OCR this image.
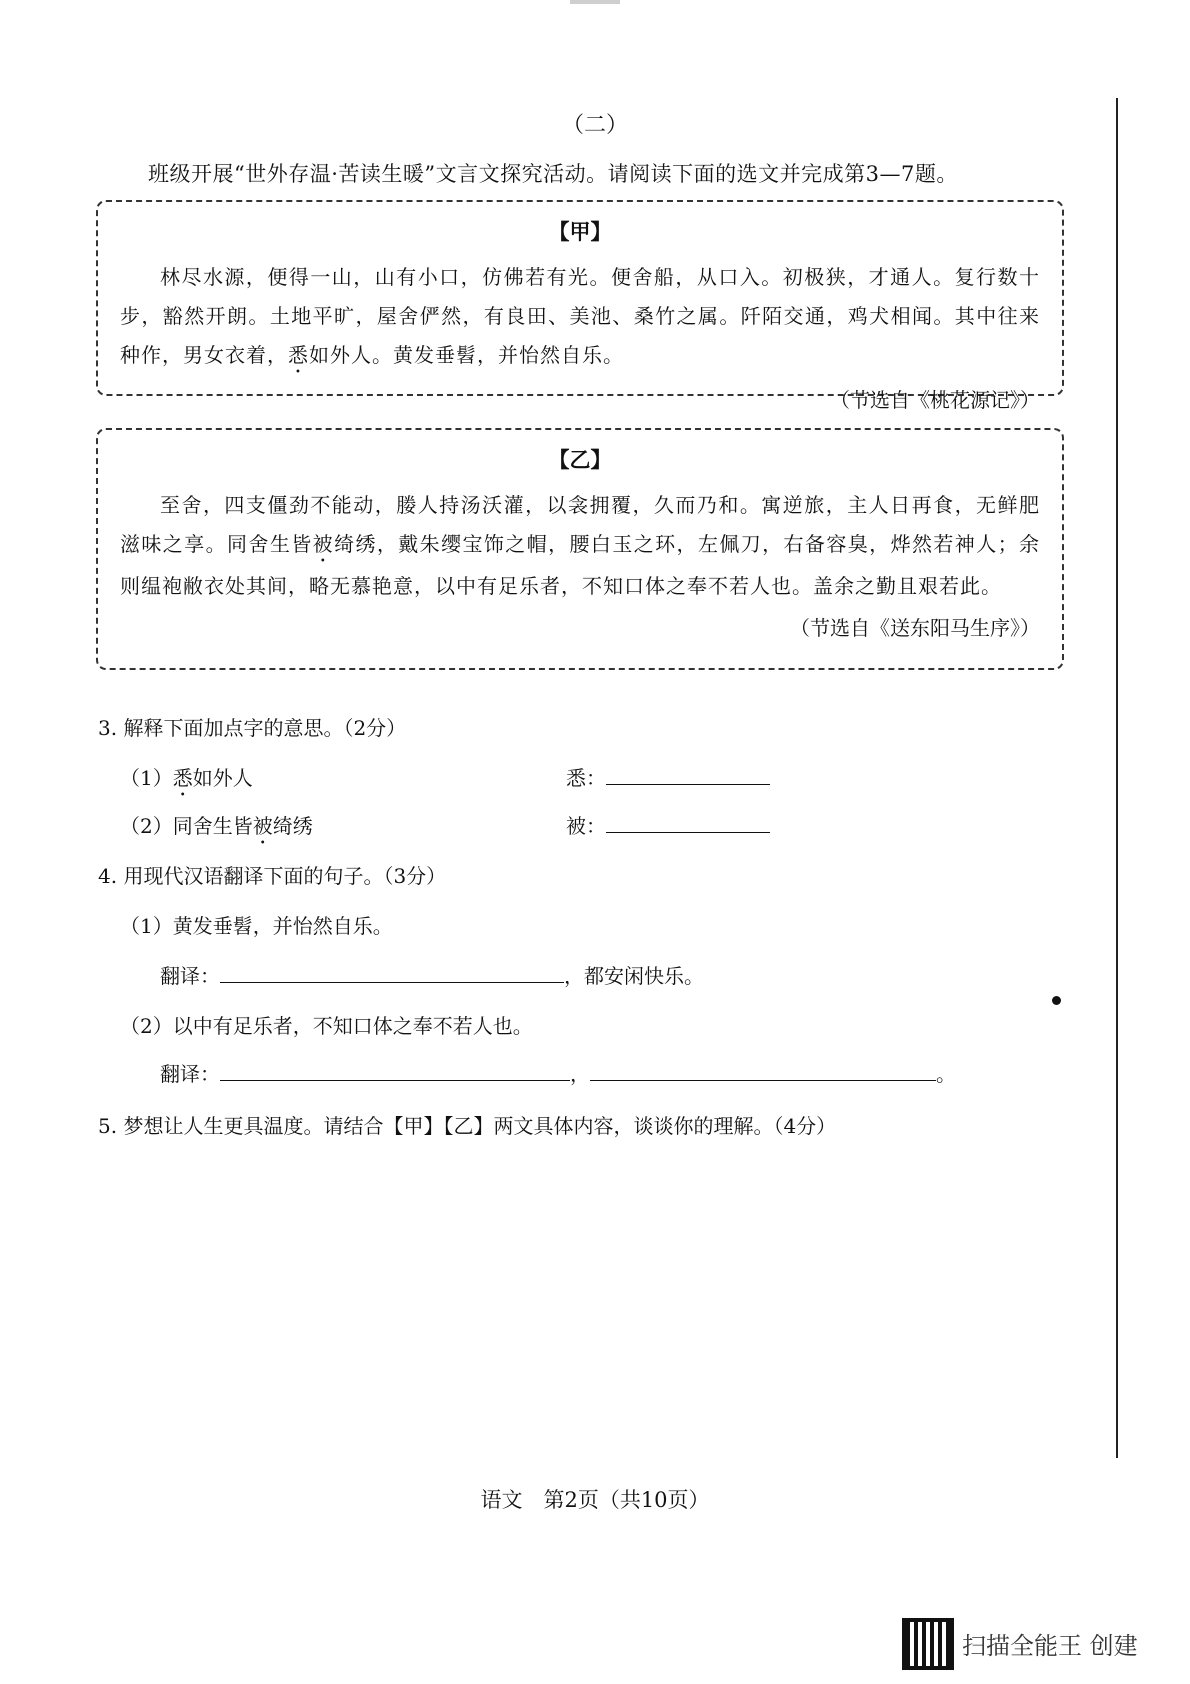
（二）
班级开展“世外存温·苦读生暖”文言文探究活动。请阅读下面的选文并完成第3—7题。
【甲】
林尽水源，便得一山，山有小口，仿佛若有光。便舍船，从口入。初极狭，才通人。复行数十步，豁然开朗。土地平旷，屋舍俨然，有良田、美池、桑竹之属。阡陌交通，鸡犬相闻。其中往来种作，男女衣着，悉如外人。黄发垂髫，并怡然自乐。
（节选自《桃花源记》）
【乙】
至舍，四支僵劲不能动，媵人持汤沃灌，以衾拥覆，久而乃和。寓逆旅，主人日再食，无鲜肥滋味之享。同舍生皆被绮绣，戴朱缨宝饰之帽，腰白玉之环，左佩刀，右备容臭，烨然若神人；余则缊袍敝衣处其间，略无慕艳意，以中有足乐者，不知口体之奉不若人也。盖余之勤且艰若此。
（节选自《送东阳马生序》）
3. 解释下面加点字的意思。（2分）
（1）悉如外人	悉：
（2）同舍生皆被绮绣	被：
4. 用现代汉语翻译下面的句子。（3分）
（1）黄发垂髫，并怡然自乐。
翻译：	，都安闲快乐。
（2）以中有足乐者，不知口体之奉不若人也。
翻译：	，	。
5. 梦想让人生更具温度。请结合【甲】【乙】两文具体内容，谈谈你的理解。（4分）
语文　第2页（共10页）
扫描全能王 创建
